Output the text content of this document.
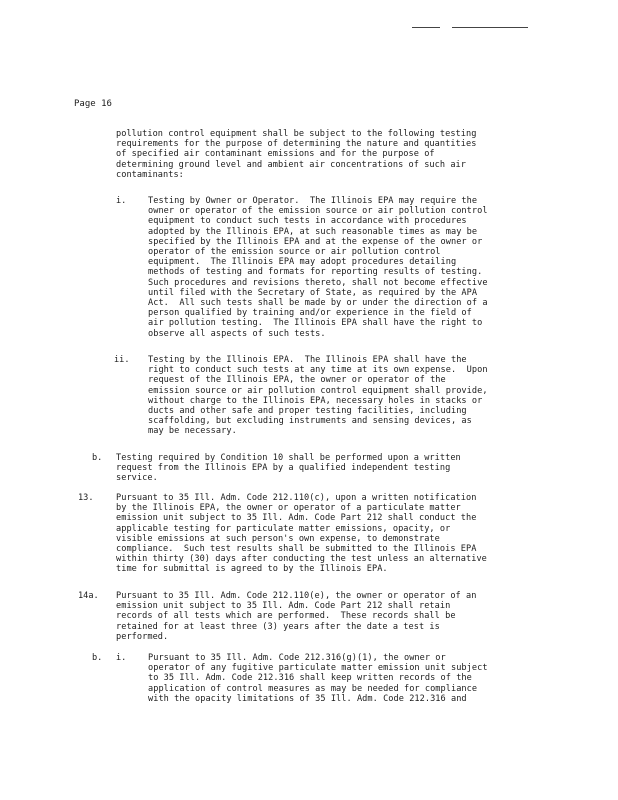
Page 16
pollution control equipment shall be subject to the following testing
requirements for the purpose of determining the nature and quantities
of specified air contaminant emissions and for the purpose of
determining ground level and ambient air concentrations of such air
contaminants:
i.	Testing by Owner or Operator.  The Illinois EPA may require the
owner or operator of the emission source or air pollution control
equipment to conduct such tests in accordance with procedures
adopted by the Illinois EPA, at such reasonable times as may be
specified by the Illinois EPA and at the expense of the owner or
operator of the emission source or air pollution control
equipment.  The Illinois EPA may adopt procedures detailing
methods of testing and formats for reporting results of testing.
Such procedures and revisions thereto, shall not become effective
until filed with the Secretary of State, as required by the APA
Act.  All such tests shall be made by or under the direction of a
person qualified by training and/or experience in the field of
air pollution testing.  The Illinois EPA shall have the right to
observe all aspects of such tests.
ii. Testing by the Illinois EPA.  The Illinois EPA shall have the
right to conduct such tests at any time at its own expense.  Upon
request of the Illinois EPA, the owner or operator of the
emission source or air pollution control equipment shall provide,
without charge to the Illinois EPA, necessary holes in stacks or
ducts and other safe and proper testing facilities, including
scaffolding, but excluding instruments and sensing devices, as
may be necessary.
b. Testing required by Condition 10 shall be performed upon a written
request from the Illinois EPA by a qualified independent testing
service.
13.	Pursuant to 35 Ill. Adm. Code 212.110(c), upon a written notification
by the Illinois EPA, the owner or operator of a particulate matter
emission unit subject to 35 Ill. Adm. Code Part 212 shall conduct the
applicable testing for particulate matter emissions, opacity, or
visible emissions at such person's own expense, to demonstrate
compliance.  Such test results shall be submitted to the Illinois EPA
within thirty (30) days after conducting the test unless an alternative
time for submittal is agreed to by the Illinois EPA.
14a. Pursuant to 35 Ill. Adm. Code 212.110(e), the owner or operator of an
emission unit subject to 35 Ill. Adm. Code Part 212 shall retain
records of all tests which are performed.  These records shall be
retained for at least three (3) years after the date a test is
performed.
b. i.	Pursuant to 35 Ill. Adm. Code 212.316(g)(1), the owner or
operator of any fugitive particulate matter emission unit subject
to 35 Ill. Adm. Code 212.316 shall keep written records of the
application of control measures as may be needed for compliance
with the opacity limitations of 35 Ill. Adm. Code 212.316 and
